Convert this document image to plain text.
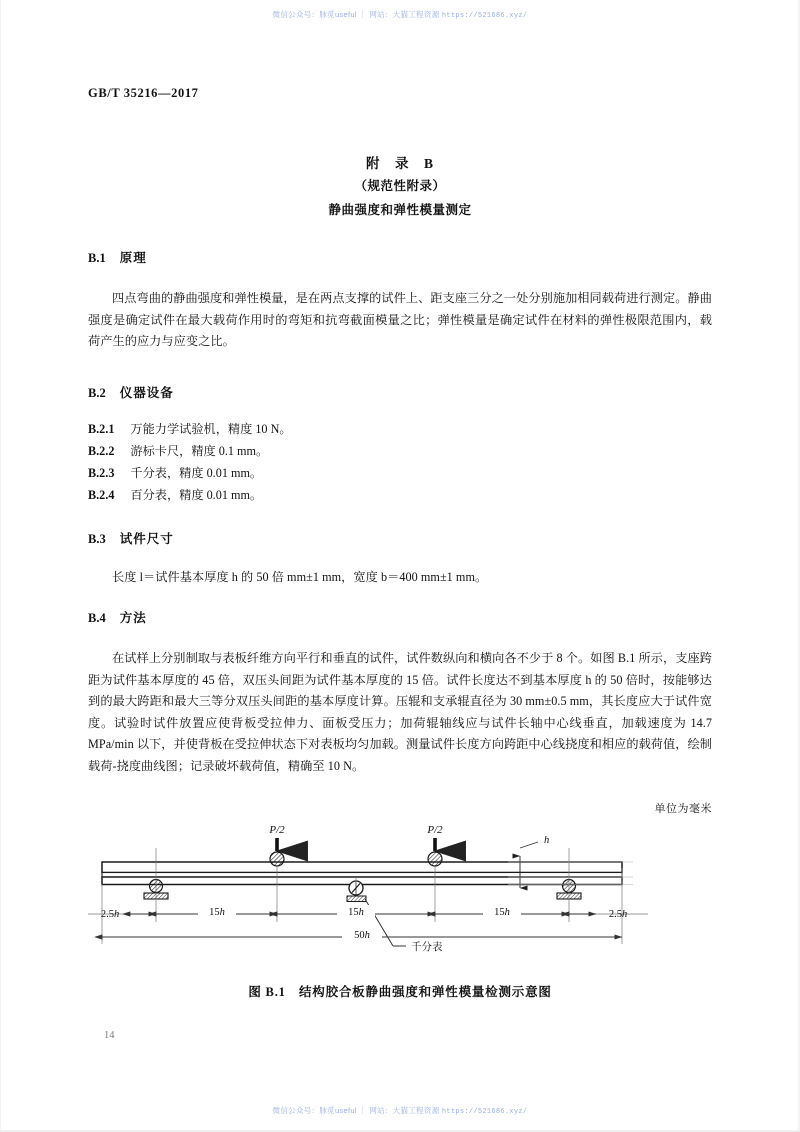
微信公众号：脉觅useful ｜ 网站：大猫工程资源 https://521686.xyz/
GB/T 35216—2017
附　录　B
（规范性附录）
静曲强度和弹性模量测定
B.1 原理
四点弯曲的静曲强度和弹性模量，是在两点支撑的试件上、距支座三分之一处分别施加相同载荷进行测定。静曲强度是确定试件在最大载荷作用时的弯矩和抗弯截面模量之比；弹性模量是确定试件在材料的弹性极限范围内，载荷产生的应力与应变之比。
B.2 仪器设备
B.2.1 万能力学试验机，精度 10 N。
B.2.2 游标卡尺，精度 0.1 mm。
B.2.3 千分表，精度 0.01 mm。
B.2.4 百分表，精度 0.01 mm。
B.3 试件尺寸
长度 l＝试件基本厚度 h 的 50 倍 mm±1 mm，宽度 b＝400 mm±1 mm。
B.4 方法
在试样上分别制取与表板纤维方向平行和垂直的试件，试件数纵向和横向各不少于 8 个。如图 B.1 所示，支座跨距为试件基本厚度的 45 倍，双压头间距为试件基本厚度的 15 倍。试件长度达不到基本厚度 h 的 50 倍时，按能够达到的最大跨距和最大三等分双压头间距的基本厚度计算。压辊和支承辊直径为 30 mm±0.5 mm，其长度应大于试件宽度。试验时试件放置应使背板受拉伸力、面板受压力；加荷辊轴线应与试件长轴中心线垂直，加载速度为 14.7 MPa/min 以下，并使背板在受拉伸状态下对表板均匀加载。测量试件长度方向跨距中心线挠度和相应的载荷值，绘制载荷-挠度曲线图；记录破坏载荷值，精确至 10 N。
单位为毫米
图 B.1　结构胶合板静曲强度和弹性模量检测示意图
P/2	P/2
千分表
2.5h	15h	15h	15h	2.5h
50h
h
14
微信公众号：脉觅useful ｜ 网站：大猫工程资源 https://521686.xyz/
